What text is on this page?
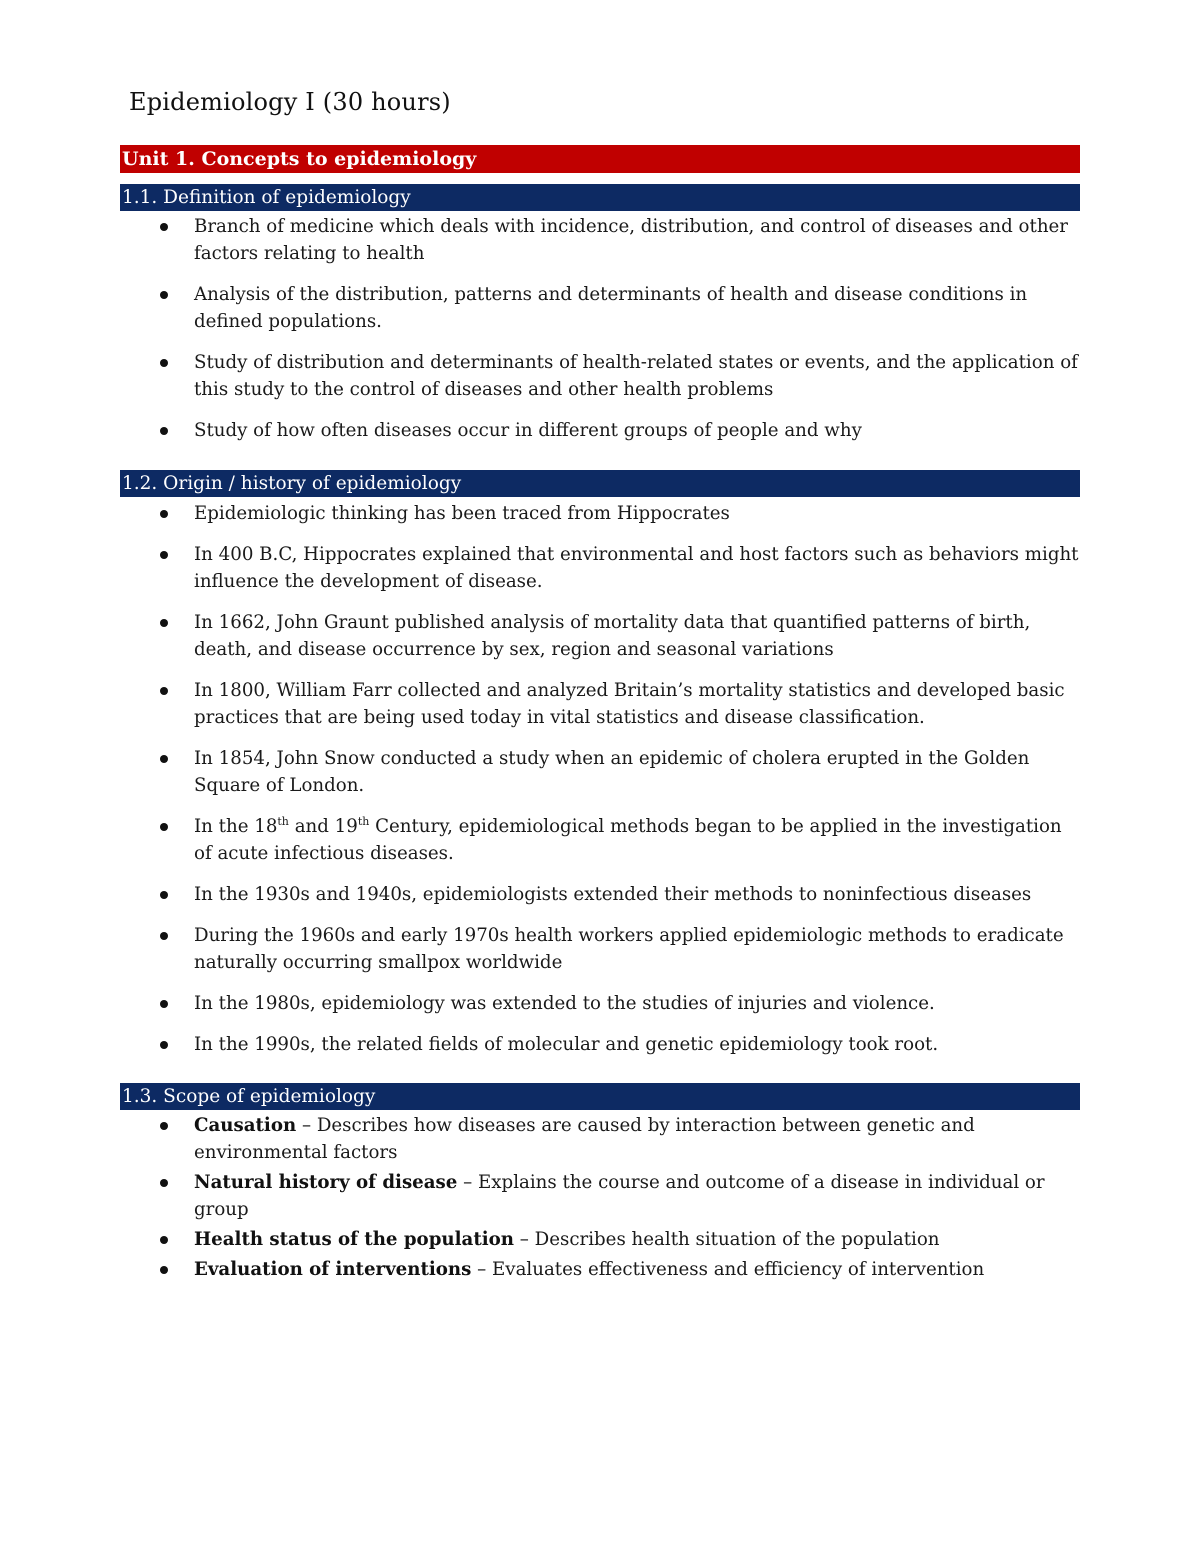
Epidemiology I (30 hours)
Unit 1. Concepts to epidemiology
1.1. Definition of epidemiology
Branch of medicine which deals with incidence, distribution, and control of diseases and other factors relating to health
Analysis of the distribution, patterns and determinants of health and disease conditions in defined populations.
Study of distribution and determinants of health-related states or events, and the application of this study to the control of diseases and other health problems
Study of how often diseases occur in different groups of people and why
1.2. Origin / history of epidemiology
Epidemiologic thinking has been traced from Hippocrates
In 400 B.C, Hippocrates explained that environmental and host factors such as behaviors might influence the development of disease.
In 1662, John Graunt published analysis of mortality data that quantified patterns of birth, death, and disease occurrence by sex, region and seasonal variations
In 1800, William Farr collected and analyzed Britain’s mortality statistics and developed basic practices that are being used today in vital statistics and disease classification.
In 1854, John Snow conducted a study when an epidemic of cholera erupted in the Golden Square of London.
In the 18th and 19th Century, epidemiological methods began to be applied in the investigation of acute infectious diseases.
In the 1930s and 1940s, epidemiologists extended their methods to noninfectious diseases
During the 1960s and early 1970s health workers applied epidemiologic methods to eradicate naturally occurring smallpox worldwide
In the 1980s, epidemiology was extended to the studies of injuries and violence.
In the 1990s, the related fields of molecular and genetic epidemiology took root.
1.3. Scope of epidemiology
Causation – Describes how diseases are caused by interaction between genetic and environmental factors
Natural history of disease – Explains the course and outcome of a disease in individual or group
Health status of the population – Describes health situation of the population
Evaluation of interventions – Evaluates effectiveness and efficiency of intervention
